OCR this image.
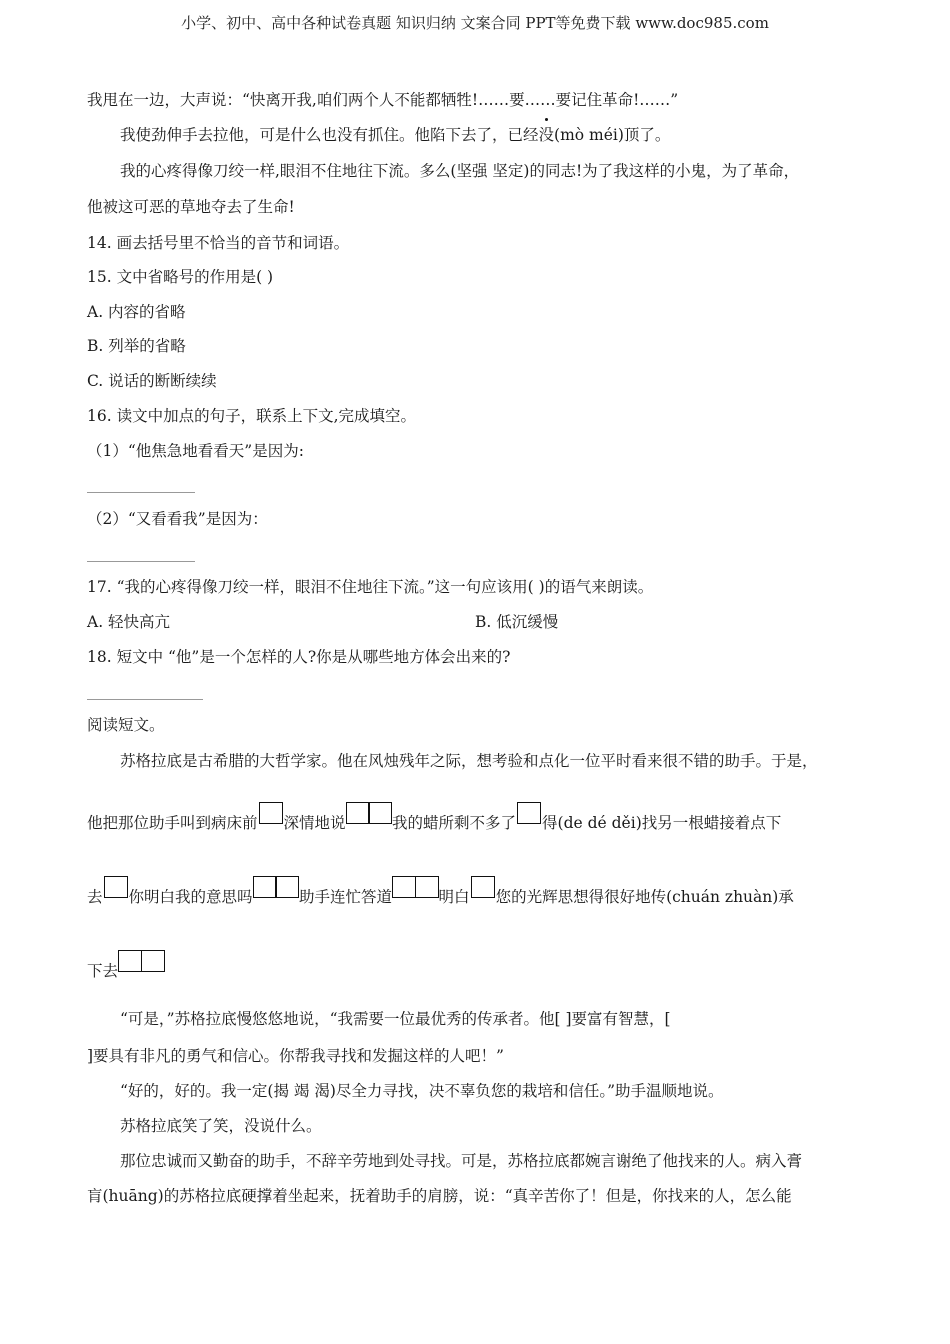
小学、初中、高中各种试卷真题 知识归纳 文案合同 PPT等免费下载 www.doc985.com
我甩在一边，大声说：“快离开我,咱们两个人不能都牺牲!……要……要记住革命!……”
我使劲伸手去拉他，可是什么也没有抓住。他陷下去了，已经没(mò méi)顶了。
我的心疼得像刀绞一样,眼泪不住地往下流。多么(坚强 坚定)的同志!为了我这样的小鬼，为了革命，
他被这可恶的草地夺去了生命!
14. 画去括号里不恰当的音节和词语。
15. 文中省略号的作用是( )
A. 内容的省略
B. 列举的省略
C. 说话的断断续续
16. 读文中加点的句子，联系上下文,完成填空。
（1）“他焦急地看看天”是因为:
（2）“又看看我”是因为：
17. “我的心疼得像刀绞一样，眼泪不住地往下流。”这一句应该用( )的语气来朗读。
A. 轻快高亢	B. 低沉缓慢
18. 短文中 “他”是一个怎样的人?你是从哪些地方体会出来的?
阅读短文。
苏格拉底是古希腊的大哲学家。他在风烛残年之际，想考验和点化一位平时看来很不错的助手。于是，
他把那位助手叫到病床前 深情地说	我的蜡所剩不多了 得(de dé děi)找另一根蜡接着点下
去 你明白我的意思吗	助手连忙答道	明白 您的光辉思想得很好地传(chuán zhuàn)承
下去
“可是，”苏格拉底慢悠悠地说，“我需要一位最优秀的传承者。他[ ]要富有智慧，[
]要具有非凡的勇气和信心。你帮我寻找和发掘这样的人吧！”
“好的，好的。我一定(揭 竭 渴)尽全力寻找，决不辜负您的栽培和信任。”助手温顺地说。
苏格拉底笑了笑，没说什么。
那位忠诚而又勤奋的助手，不辞辛劳地到处寻找。可是，苏格拉底都婉言谢绝了他找来的人。病入膏
肓(huāng)的苏格拉底硬撑着坐起来，抚着助手的肩膀，说：“真辛苦你了！但是，你找来的人，怎么能
